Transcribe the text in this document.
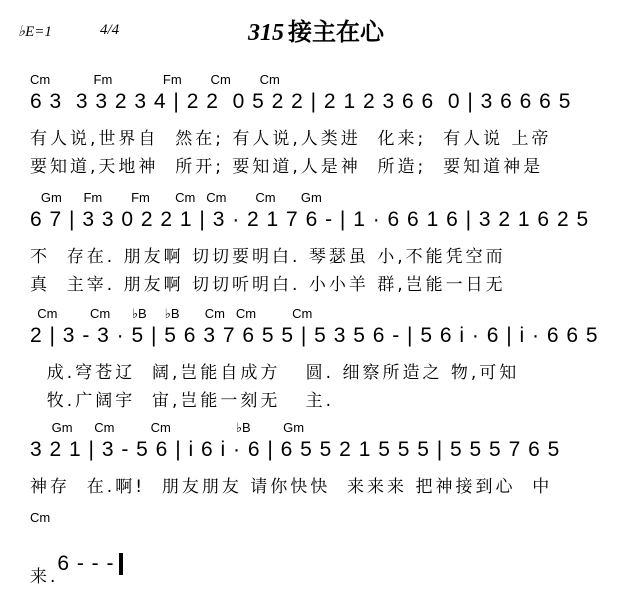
♭E=1	4/4	315 接主在心
Cm            Fm              Fm        Cm        Cm
6 3  3 3 2 3 4 | 2 2  0 5 2 2 | 2 1 2 3 6 6  0 | 3 6 6 6 5
有人说,世界自  然在; 有人说,人类进  化来;  有人说 上帝
要知道,天地神  所开; 要知道,人是神  所造;  要知道神是
Gm      Fm        Fm       Cm   Cm        Cm       Gm
6 7 | 3 3 0 2 2 1 | 3 · 2 1 7 6 - | 1 · 6 6 1 6 | 3 2 1 6 2 5
不  存在. 朋友啊 切切要明白. 琴瑟虽 小,不能凭空而
真  主宰. 朋友啊 切切听明白. 小小羊 群,岂能一日无
Cm         Cm      ♭B     ♭B       Cm   Cm          Cm
2 | 3 - 3 · 5 | 5 6 3 7 6 5 5 | 5 3 5 6 - | 5 6 i · 6 | i · 6 6 5
成.穹苍辽  阔,岂能自成方   圆. 细察所造之 物,可知
牧.广阔宇  宙,岂能一刻无   主.
Gm      Cm          Cm                  ♭B         Gm
3 2 1 | 3 - 5 6 | i 6 i · 6 | 6 5 5 2 1 5 5 5 | 5 5 5 7 6 5
神存  在.啊!  朋友朋友 请你快快  来来来 把神接到心  中
Cm

6 - - -

来.
